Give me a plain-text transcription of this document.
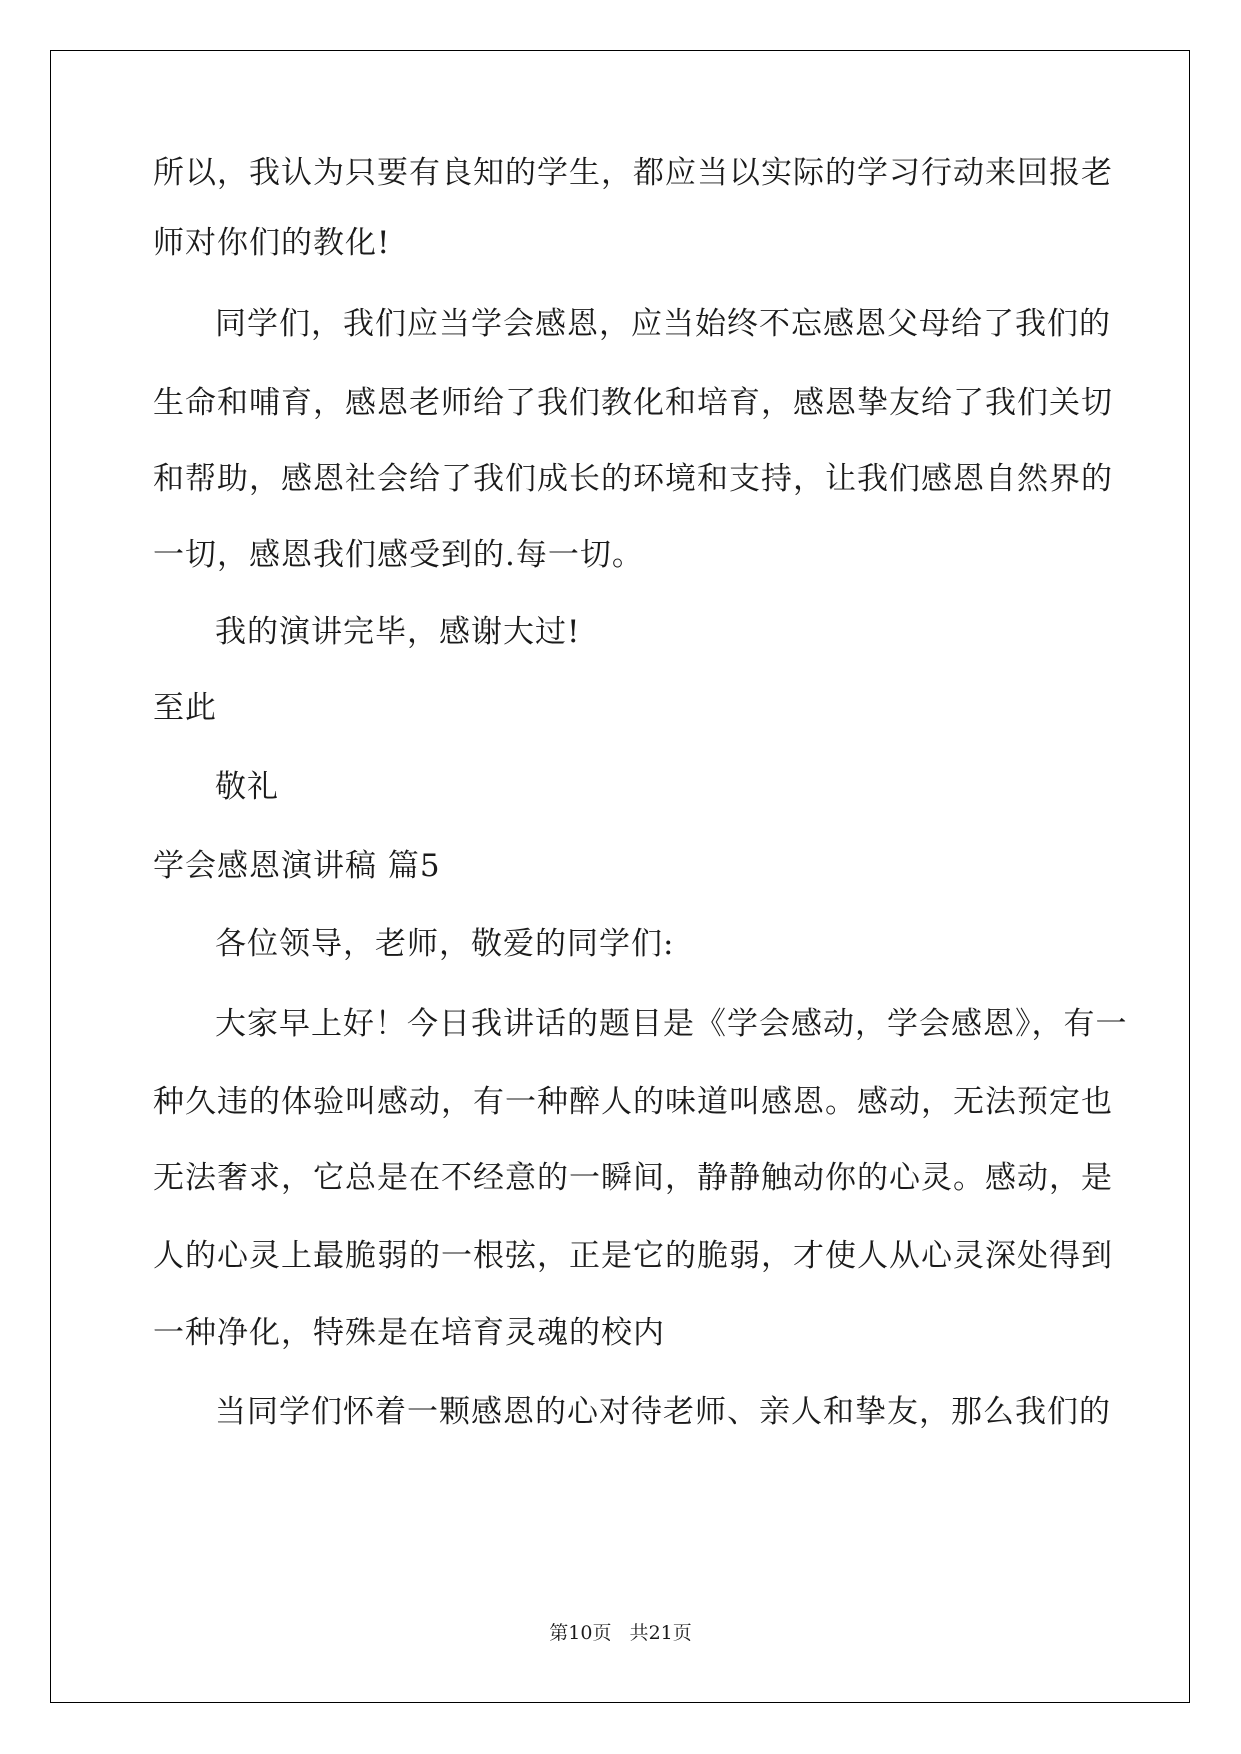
所以，我认为只要有良知的学生，都应当以实际的学习行动来回报老
师对你们的教化!
同学们，我们应当学会感恩，应当始终不忘感恩父母给了我们的
生命和哺育，感恩老师给了我们教化和培育，感恩挚友给了我们关切
和帮助，感恩社会给了我们成长的环境和支持，让我们感恩自然界的
一切，感恩我们感受到的.每一切。
我的演讲完毕，感谢大过!
至此
敬礼
学会感恩演讲稿 篇5
各位领导，老师，敬爱的同学们:
大家早上好！今日我讲话的题目是《学会感动，学会感恩》，有一
种久违的体验叫感动，有一种醉人的味道叫感恩。感动，无法预定也
无法奢求，它总是在不经意的一瞬间，静静触动你的心灵。感动，是
人的心灵上最脆弱的一根弦，正是它的脆弱，才使人从心灵深处得到
一种净化，特殊是在培育灵魂的校内
当同学们怀着一颗感恩的心对待老师、亲人和挚友，那么我们的
第10页   共21页
